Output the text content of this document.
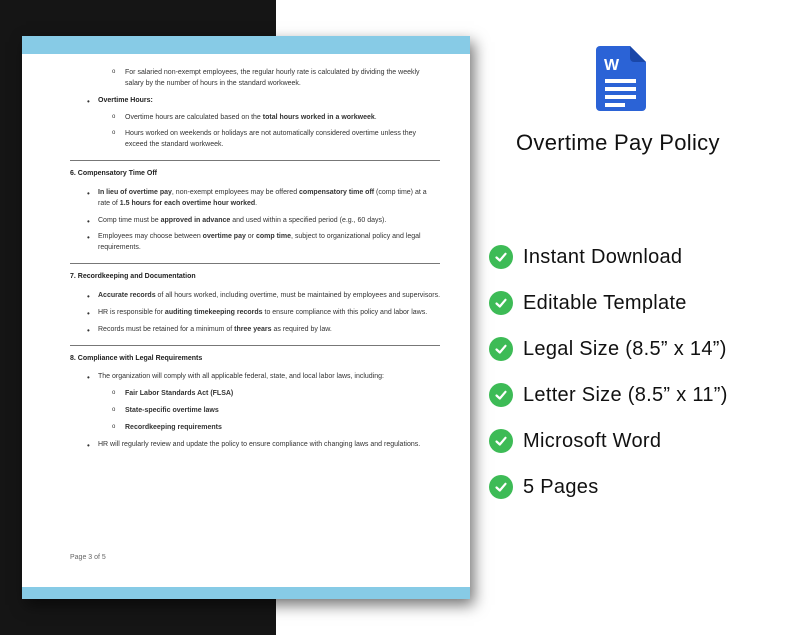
o For salaried non-exempt employees, the regular hourly rate is calculated by dividing the weekly salary by the number of hours in the standard workweek.
• Overtime Hours:
o Overtime hours are calculated based on the total hours worked in a workweek.
o Hours worked on weekends or holidays are not automatically considered overtime unless they exceed the standard workweek.
6. Compensatory Time Off
• In lieu of overtime pay, non-exempt employees may be offered compensatory time off (comp time) at a rate of 1.5 hours for each overtime hour worked.
• Comp time must be approved in advance and used within a specified period (e.g., 60 days).
• Employees may choose between overtime pay or comp time, subject to organizational policy and legal requirements.
7. Recordkeeping and Documentation
• Accurate records of all hours worked, including overtime, must be maintained by employees and supervisors.
• HR is responsible for auditing timekeeping records to ensure compliance with this policy and labor laws.
• Records must be retained for a minimum of three years as required by law.
8. Compliance with Legal Requirements
• The organization will comply with all applicable federal, state, and local labor laws, including:
o Fair Labor Standards Act (FLSA)
o State-specific overtime laws
o Recordkeeping requirements
• HR will regularly review and update the policy to ensure compliance with changing laws and regulations.
Page 3 of 5
W
Overtime Pay Policy
Instant Download
Editable Template
Legal Size (8.5” x 14”)
Letter Size (8.5” x 11”)
Microsoft Word
5 Pages
